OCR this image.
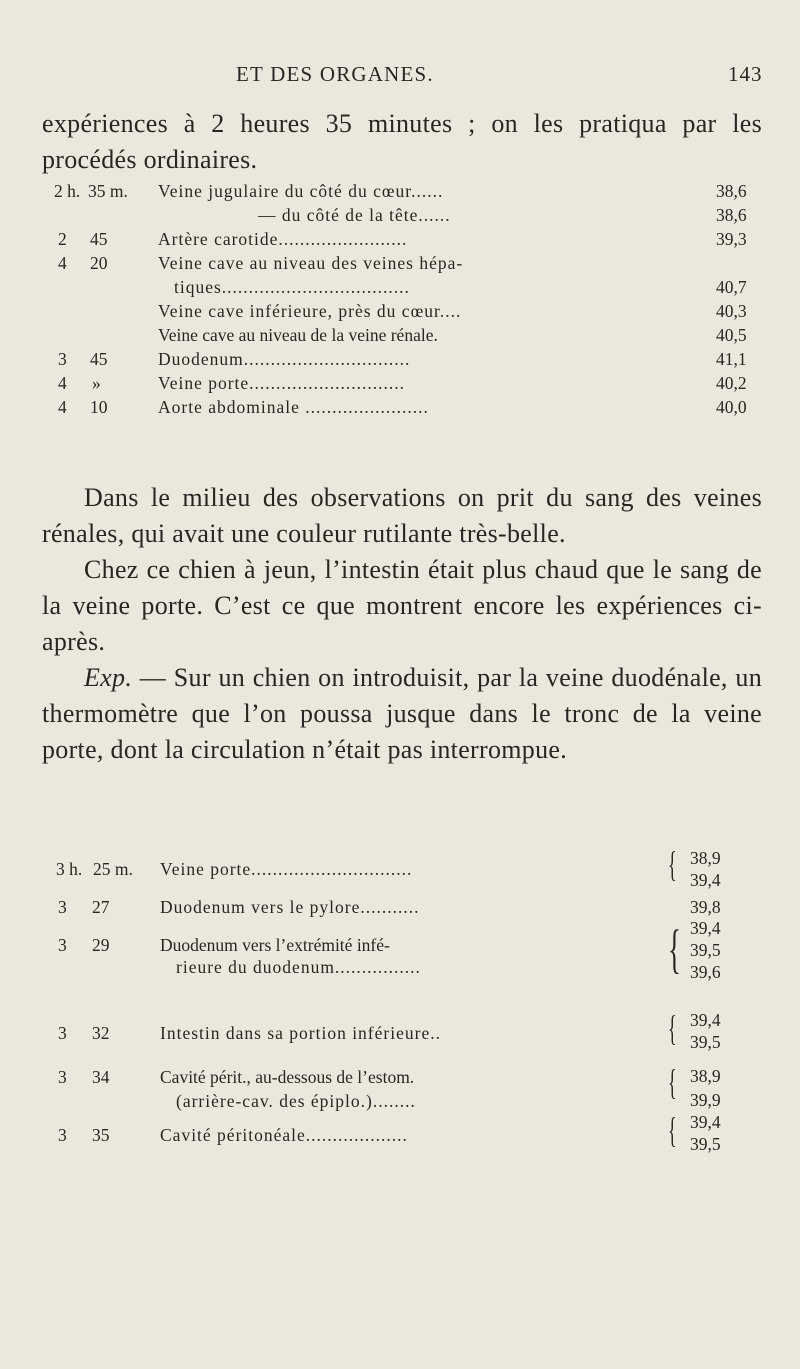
ET DES ORGANES.	143

expériences à 2 heures 35 minutes ; on les pratiqua par les procédés ordinaires.

2 h. 35 m. Veine jugulaire du côté du cœur......	38,6
— du côté de la tête......	38,6
2 45	Artère carotide........................	39,3
4 20	Veine cave au niveau des veines hépa-
tiques...................................	40,7
Veine cave inférieure, près du cœur....	40,3
Veine cave au niveau de la veine rénale.	40,5
3 45	Duodenum...............................	41,1
4 »	Veine porte.............................	40,2
4 10	Aorte abdominale .......................	40,0

Dans le milieu des observations on prit du sang des veines rénales, qui avait une couleur rutilante très-belle.

Chez ce chien à jeun, l’intestin était plus chaud que le sang de la veine porte. C’est ce que montrent encore les expériences ci-après.

Exp. — Sur un chien on introduisit, par la veine duodénale, un thermomètre que l’on poussa jusque dans le tronc de la veine porte, dont la circulation n’était pas interrompue.

3 h. 25 m. Veine porte..............................	{ 38,9
39,4
3 27	Duodenum vers le pylore...........	39,8
3 29	Duodenum vers l’extrémité infé-
rieure du duodenum................	{ 39,4
39,5
39,6
3 32	Intestin dans sa portion inférieure..	{ 39,4
39,5
3 34	Cavité périt., au-dessous de l’estom.
(arrière-cav. des épiplo.)........	{ 38,9
39,9
3 35	Cavité péritonéale...................	{ 39,4
39,5
